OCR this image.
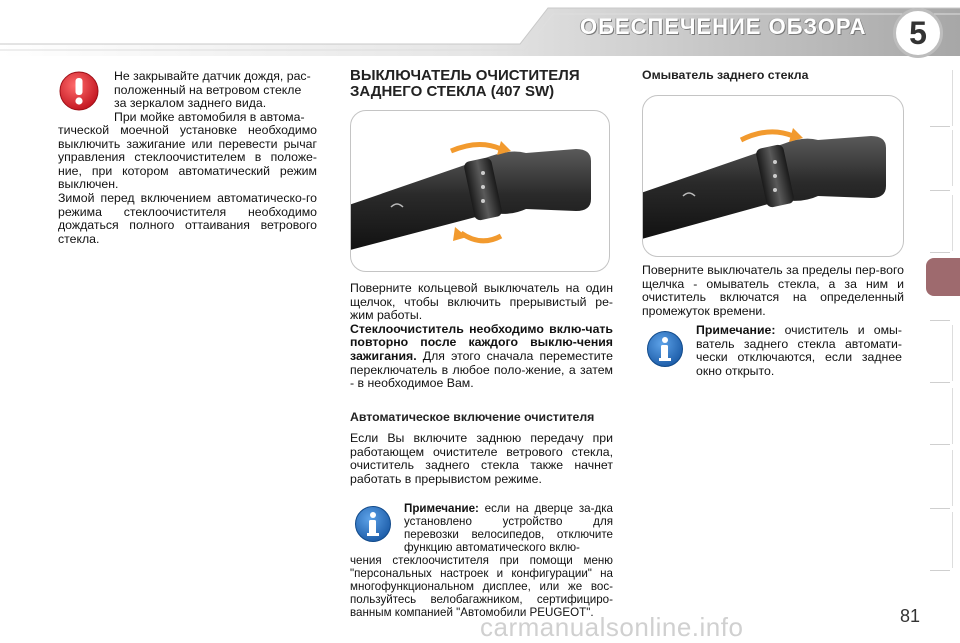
ОБЕСПЕЧЕНИЕ ОБЗОРА	5

Не закрывайте датчик дождя, рас-

положенный на ветровом стекле

за зеркалом заднего вида.

При мойке автомобиля в автома-

тической моечной установке необходимо выключить зажигание или перевести рычаг управления стеклоочистителем в положе-ние, при котором автоматический режим выключен.

Зимой перед включением автоматическо-го режима стеклоочистителя необходимо дождаться полного оттаивания ветрового стекла.

ВЫКЛЮЧАТЕЛЬ ОЧИСТИТЕЛЯ
ЗАДНЕГО СТЕКЛА (407 SW)

Поверните кольцевой выключатель на один щелчок, чтобы включить прерывистый ре-жим работы.

Стеклоочиститель необходимо вклю-чать повторно после каждого выклю-чения зажигания. Для этого сначала переместите переключатель в любое поло-жение, а затем - в необходимое Вам.

Автоматическое включение очистителя
Если Вы включите заднюю передачу при работающем очистителе ветрового стекла, очиститель заднего стекла также начнет работать в прерывистом режиме.
Примечание: если на дверце за-дка установлено устройство для перевозки велосипедов, отключите функцию автоматического вклю-
чения стеклоочистителя при помощи меню "персональных настроек и конфигурации" на многофункциональном дисплее, или же вос-пользуйтесь велобагажником, сертифициро-ванным компанией "Автомобили PEUGEOT".
Омыватель заднего стекла
Поверните выключатель за пределы пер-вого щелчка - омыватель стекла, а за ним и очиститель включатся на определенный промежуток времени.
Примечание: очиститель и омы-ватель заднего стекла автомати-чески отключаются, если заднее окно открыто.
carmanualsonline.info	81
